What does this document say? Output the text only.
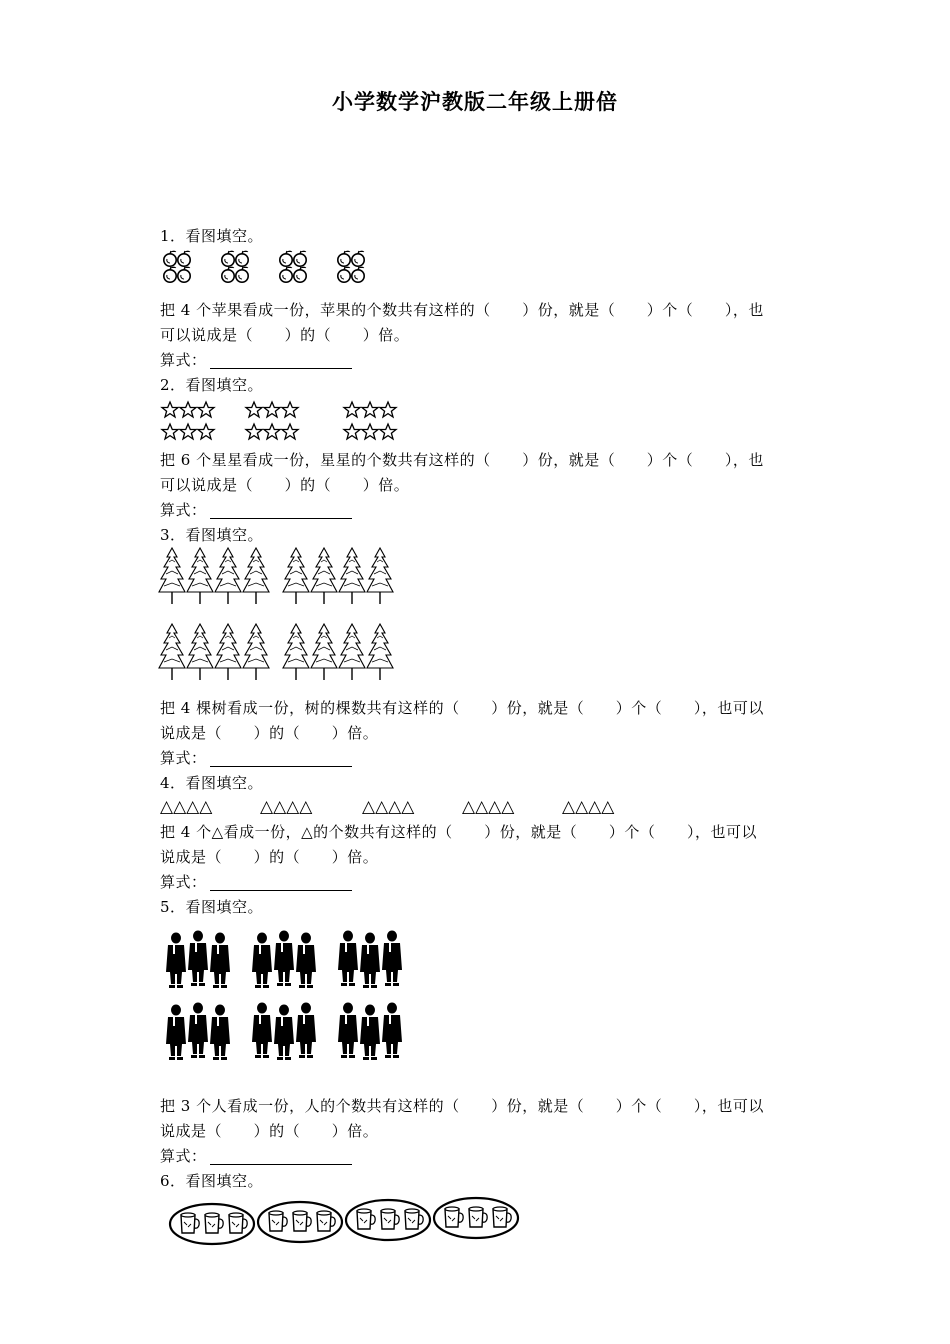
小学数学沪教版二年级上册倍
1．看图填空。
把 4 个苹果看成一份，苹果的个数共有这样的（      ）份，就是（      ）个（      ），也
可以说成是（      ）的（      ）倍。
算式：
2．看图填空。
把 6 个星星看成一份，星星的个数共有这样的（      ）份，就是（      ）个（      ），也
可以说成是（      ）的（      ）倍。
算式：
3．看图填空。
把 4 棵树看成一份，树的棵数共有这样的（      ）份，就是（      ）个（      ），也可以
说成是（      ）的（      ）倍。
算式：
4．看图填空。
△△△△	△△△△	△△△△	△△△△	△△△△
把 4 个△看成一份，△的个数共有这样的（      ）份，就是（      ）个（      ），也可以
说成是（      ）的（      ）倍。
算式：
5．看图填空。
把 3 个人看成一份，人的个数共有这样的（      ）份，就是（      ）个（      ），也可以
说成是（      ）的（      ）倍。
算式：
6．看图填空。
